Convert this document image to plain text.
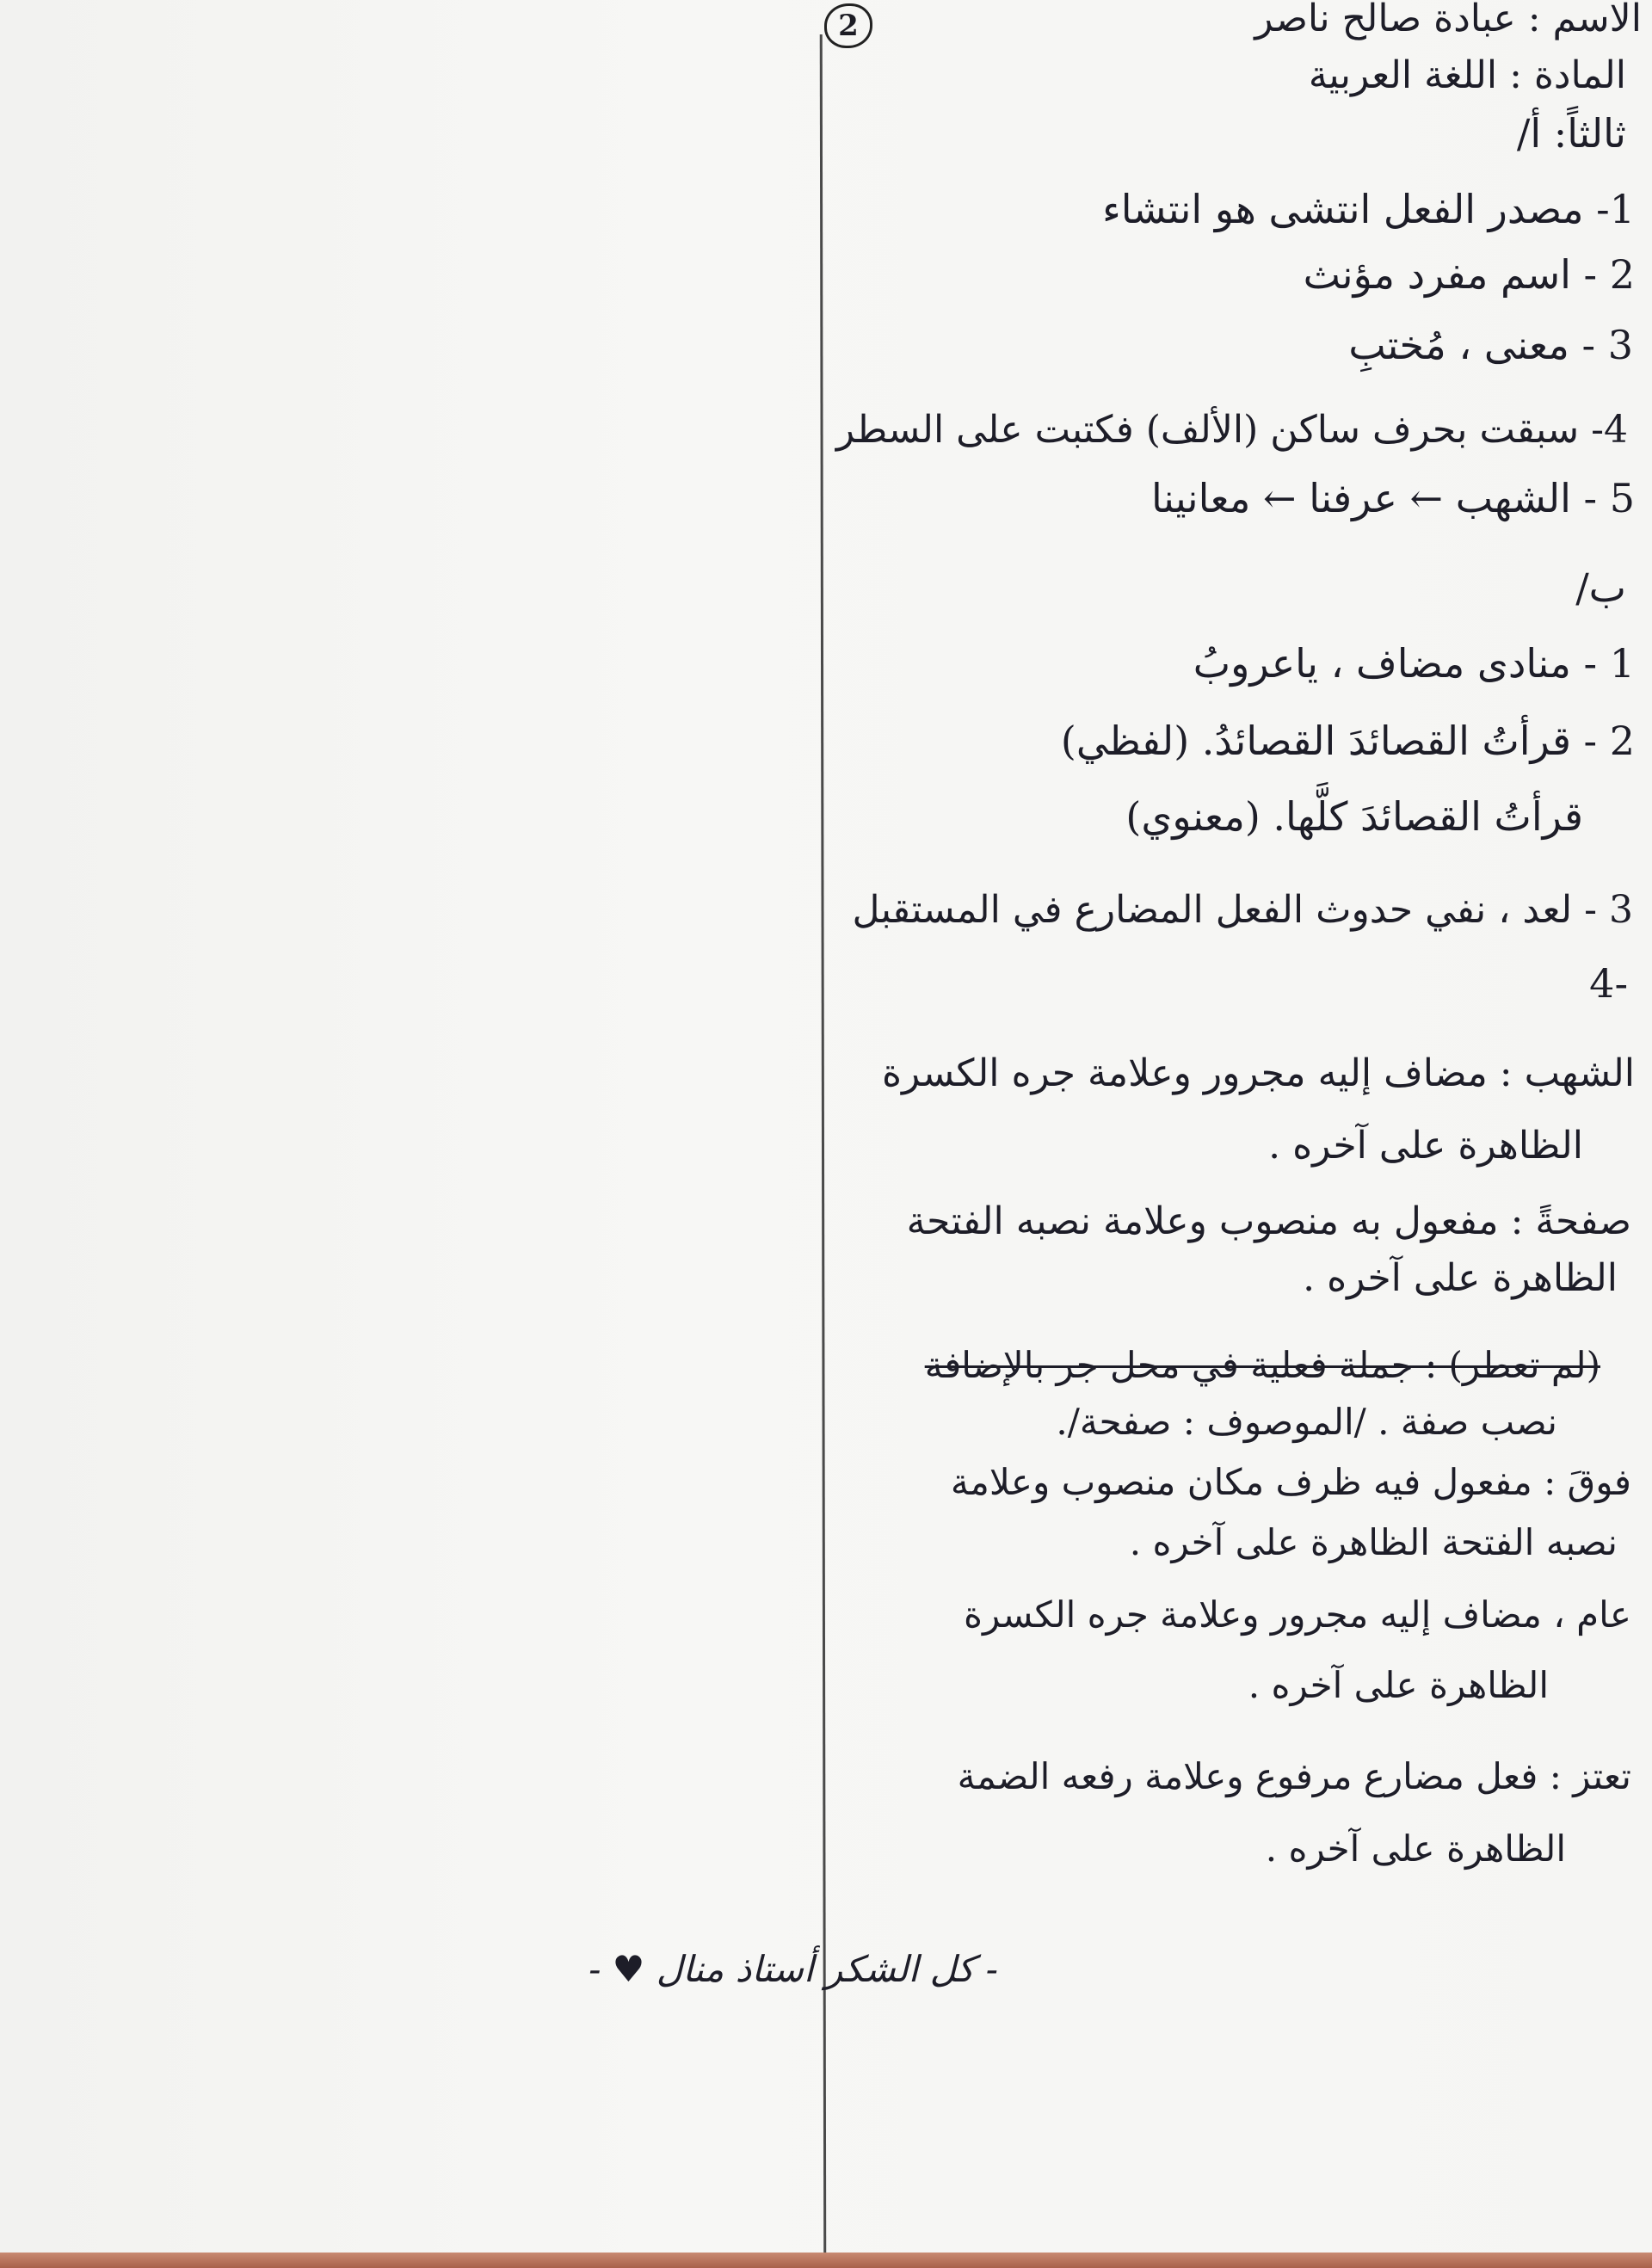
2	الاسم : عبادة صالح ناصر
المادة : اللغة العربية
ثالثاً: أ/
1- مصدر الفعل انتشى هو انتشاء
2 - اسم مفرد مؤنث
3 - معنى ، مُختبِ
4- سبقت بحرف ساكن (الألف) فكتبت على السطر
5 - الشهب ← عرفنا ← معانينا
ب/
1 - منادى مضاف ، ياعروبُ
2 - قرأتُ القصائدَ القصائدُ. (لفظي)
قرأتُ القصائدَ كلَّها. (معنوي)
3 - لعد ، نفي حدوث الفعل المضارع في المستقبل
-4
الشهب : مضاف إليه مجرور وعلامة جره الكسرة
الظاهرة على آخره .
صفحةً : مفعول به منصوب وعلامة نصبه الفتحة
الظاهرة على آخره .
(لم تعطر) : جملة فعلية في محل جر بالإضافة
نصب صفة . /الموصوف : صفحة/.
فوقَ : مفعول فيه ظرف مكان منصوب وعلامة
نصبه الفتحة الظاهرة على آخره .
عام ، مضاف إليه مجرور وعلامة جره الكسرة
الظاهرة على آخره .
تعتز : فعل مضارع مرفوع وعلامة رفعه الضمة
الظاهرة على آخره .
- كل الشكر أستاذ منال ♥ -
